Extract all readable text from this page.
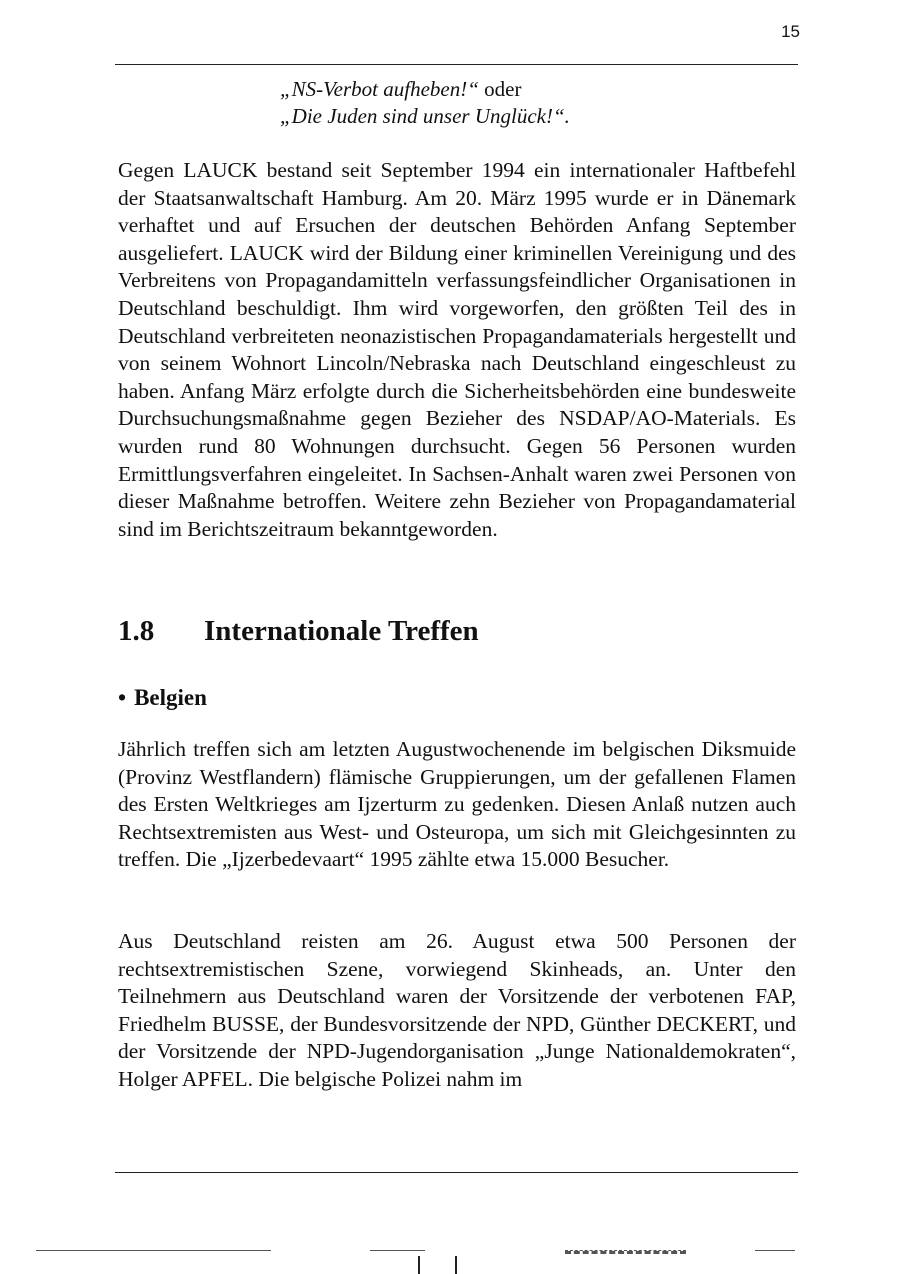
15
„NS-Verbot aufheben!“ oder
„Die Juden sind unser Unglück!“.

Gegen LAUCK bestand seit September 1994 ein internationaler Haftbefehl der Staatsanwaltschaft Hamburg. Am 20. März 1995 wurde er in Dänemark verhaftet und auf Ersuchen der deutschen Behörden Anfang September ausgeliefert. LAUCK wird der Bildung einer kriminellen Vereinigung und des Verbreitens von Propagandamitteln verfassungsfeindlicher Organisationen in Deutschland beschuldigt. Ihm wird vorgeworfen, den größten Teil des in Deutschland verbreiteten neonazistischen Propagandamaterials hergestellt und von seinem Wohnort Lincoln/Nebraska nach Deutschland eingeschleust zu haben. Anfang März erfolgte durch die Sicherheitsbehörden eine bundesweite Durchsuchungsmaßnahme gegen Bezieher des NSDAP/AO-Materials. Es wurden rund 80 Wohnungen durchsucht. Gegen 56 Personen wurden Ermittlungsverfahren eingeleitet. In Sachsen-Anhalt waren zwei Personen von dieser Maßnahme betroffen. Weitere zehn Bezieher von Propagandamaterial sind im Berichtszeitraum bekanntgeworden.

1.8 Internationale Treffen
• Belgien

Jährlich treffen sich am letzten Augustwochenende im belgischen Diksmuide (Provinz Westflandern) flämische Gruppierungen, um der gefallenen Flamen des Ersten Weltkrieges am Ijzerturm zu gedenken. Diesen Anlaß nutzen auch Rechtsextremisten aus West- und Osteuropa, um sich mit Gleichgesinnten zu treffen. Die „Ijzerbedevaart“ 1995 zählte etwa 15.000 Besucher.

Aus Deutschland reisten am 26. August etwa 500 Personen der rechtsextremistischen Szene, vorwiegend Skinheads, an. Unter den Teilnehmern aus Deutschland waren der Vorsitzende der verbotenen FAP, Friedhelm BUSSE, der Bundesvorsitzende der NPD, Günther DECKERT, und der Vorsitzende der NPD-Jugendorganisation „Junge Nationaldemokraten“, Holger APFEL. Die belgische Polizei nahm im
